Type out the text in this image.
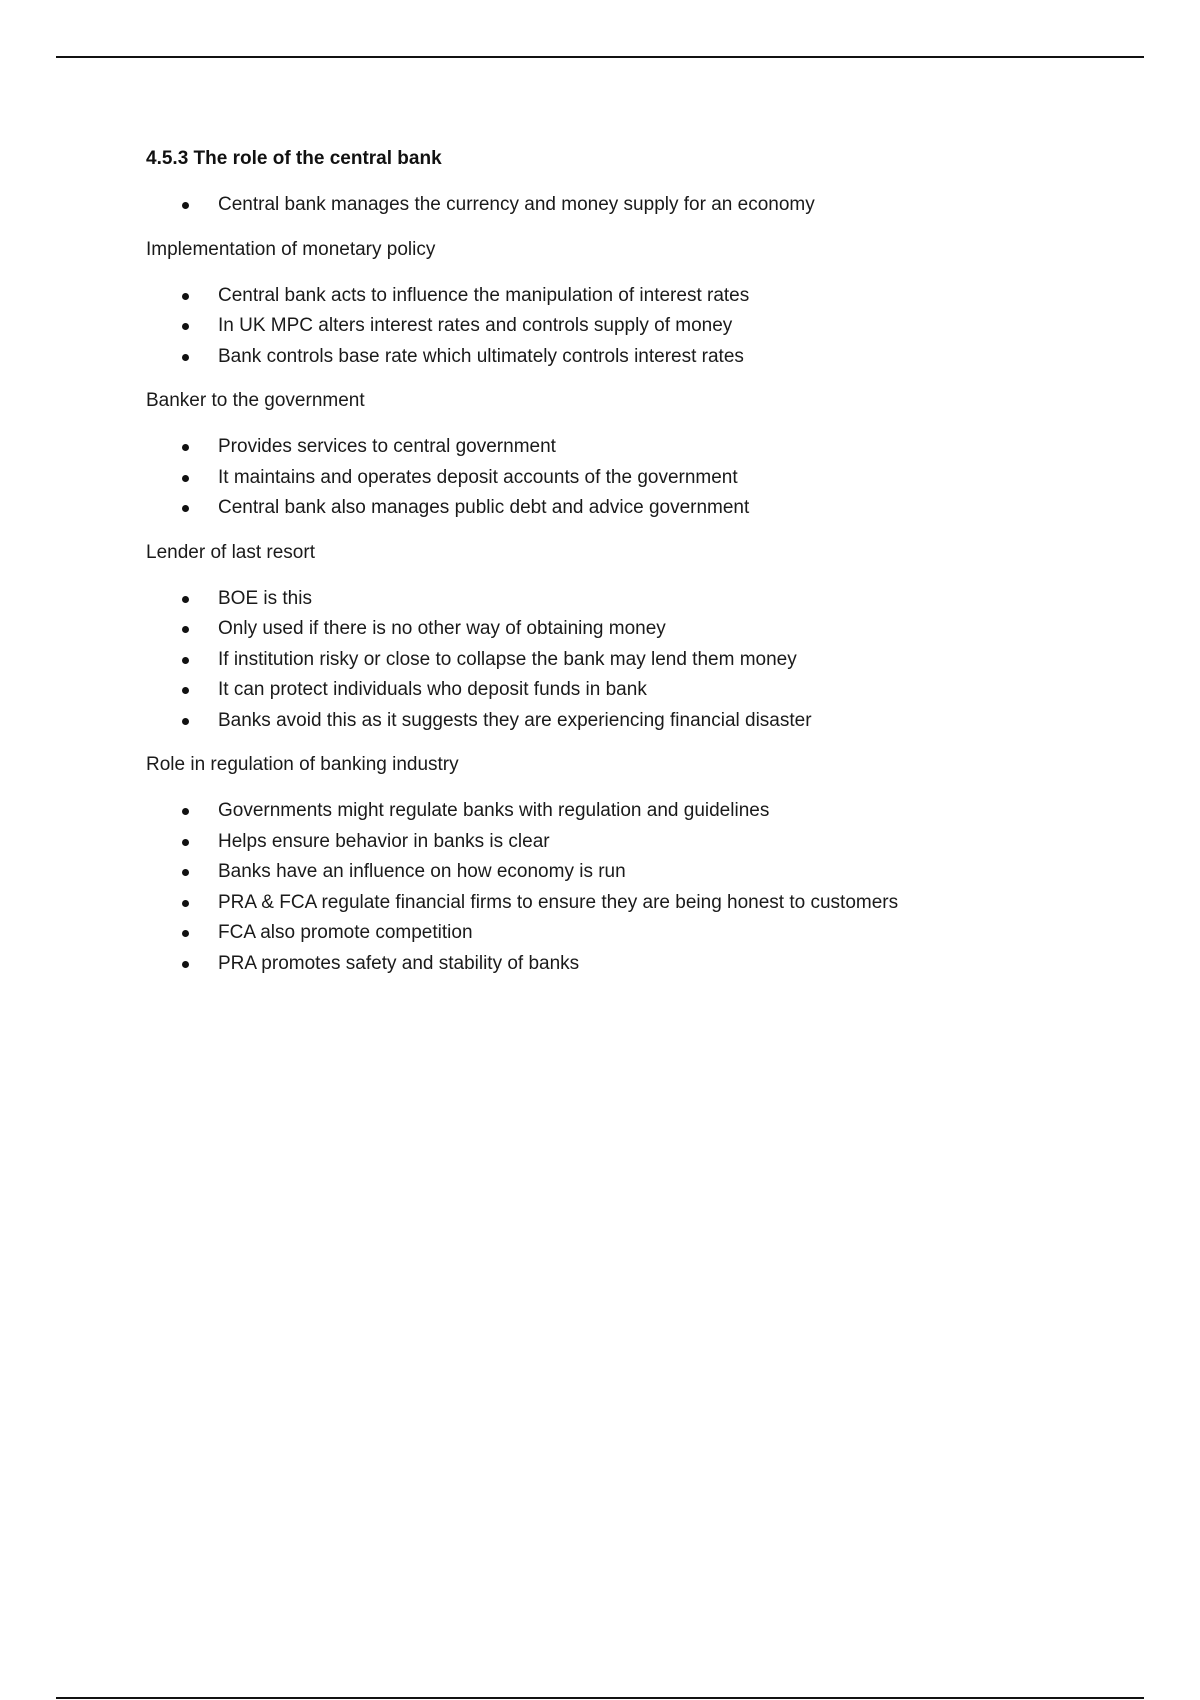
4.5.3 The role of the central bank
Central bank manages the currency and money supply for an economy
Implementation of monetary policy
Central bank acts to influence the manipulation of interest rates
In UK MPC alters interest rates and controls supply of money
Bank controls base rate which ultimately controls interest rates
Banker to the government
Provides services to central government
It maintains and operates deposit accounts of the government
Central bank also manages public debt and advice government
Lender of last resort
BOE is this
Only used if there is no other way of obtaining money
If institution risky or close to collapse the bank may lend them money
It can protect individuals who deposit funds in bank
Banks avoid this as it suggests they are experiencing financial disaster
Role in regulation of banking industry
Governments might regulate banks with regulation and guidelines
Helps ensure behavior in banks is clear
Banks have an influence on how economy is run
PRA & FCA regulate financial firms to ensure they are being honest to customers
FCA also promote competition
PRA promotes safety and stability of banks
